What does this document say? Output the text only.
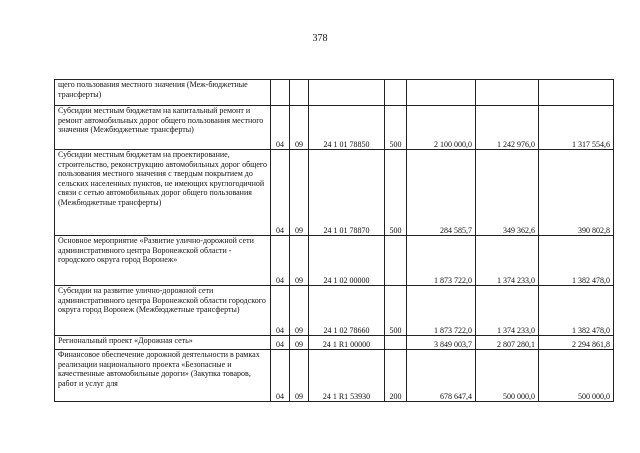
378
щего пользования местного значения (Меж-бюджетные трансферты)							
Субсидии местным бюджетам на капитальный ремонт и ремонт автомобильных дорог общего пользования местного значения (Межбюджетные трансферты)	04	09	24 1 01 78850	500	2 100 000,0	1 242 976,0	1 317 554,6
Субсидии местным бюджетам на проектирование, строительство, реконструкцию автомобильных дорог общего пользования местного значения с твердым покрытием до сельских населенных пунктов, не имеющих круглогодичной связи с сетью автомобильных дорог общего пользования (Межбюджетные трансферты)	04	09	24 1 01 78870	500	284 585,7	349 362,6	390 802,8
Основное мероприятие «Развитие улично-дорожной сети административного центра Воронежской области - городского округа город Воронеж»	04	09	24 1 02 00000		1 873 722,0	1 374 233,0	1 382 478,0
Субсидии на развитие улично-дорожной сети административного центра Воронежской области городского округа город Воронеж (Межбюджетные трансферты)	04	09	24 1 02 78660	500	1 873 722,0	1 374 233,0	1 382 478,0
Региональный проект «Дорожная сеть»	04	09	24 1 R1 00000		3 849 003,7	2 807 280,1	2 294 861,8
Финансовое обеспечение дорожной деятельности в рамках реализации национального проекта «Безопасные и качественные автомобильные дороги» (Закупка товаров, работ и услуг для	04	09	24 1 R1 53930	200	678 647,4	500 000,0	500 000,0
